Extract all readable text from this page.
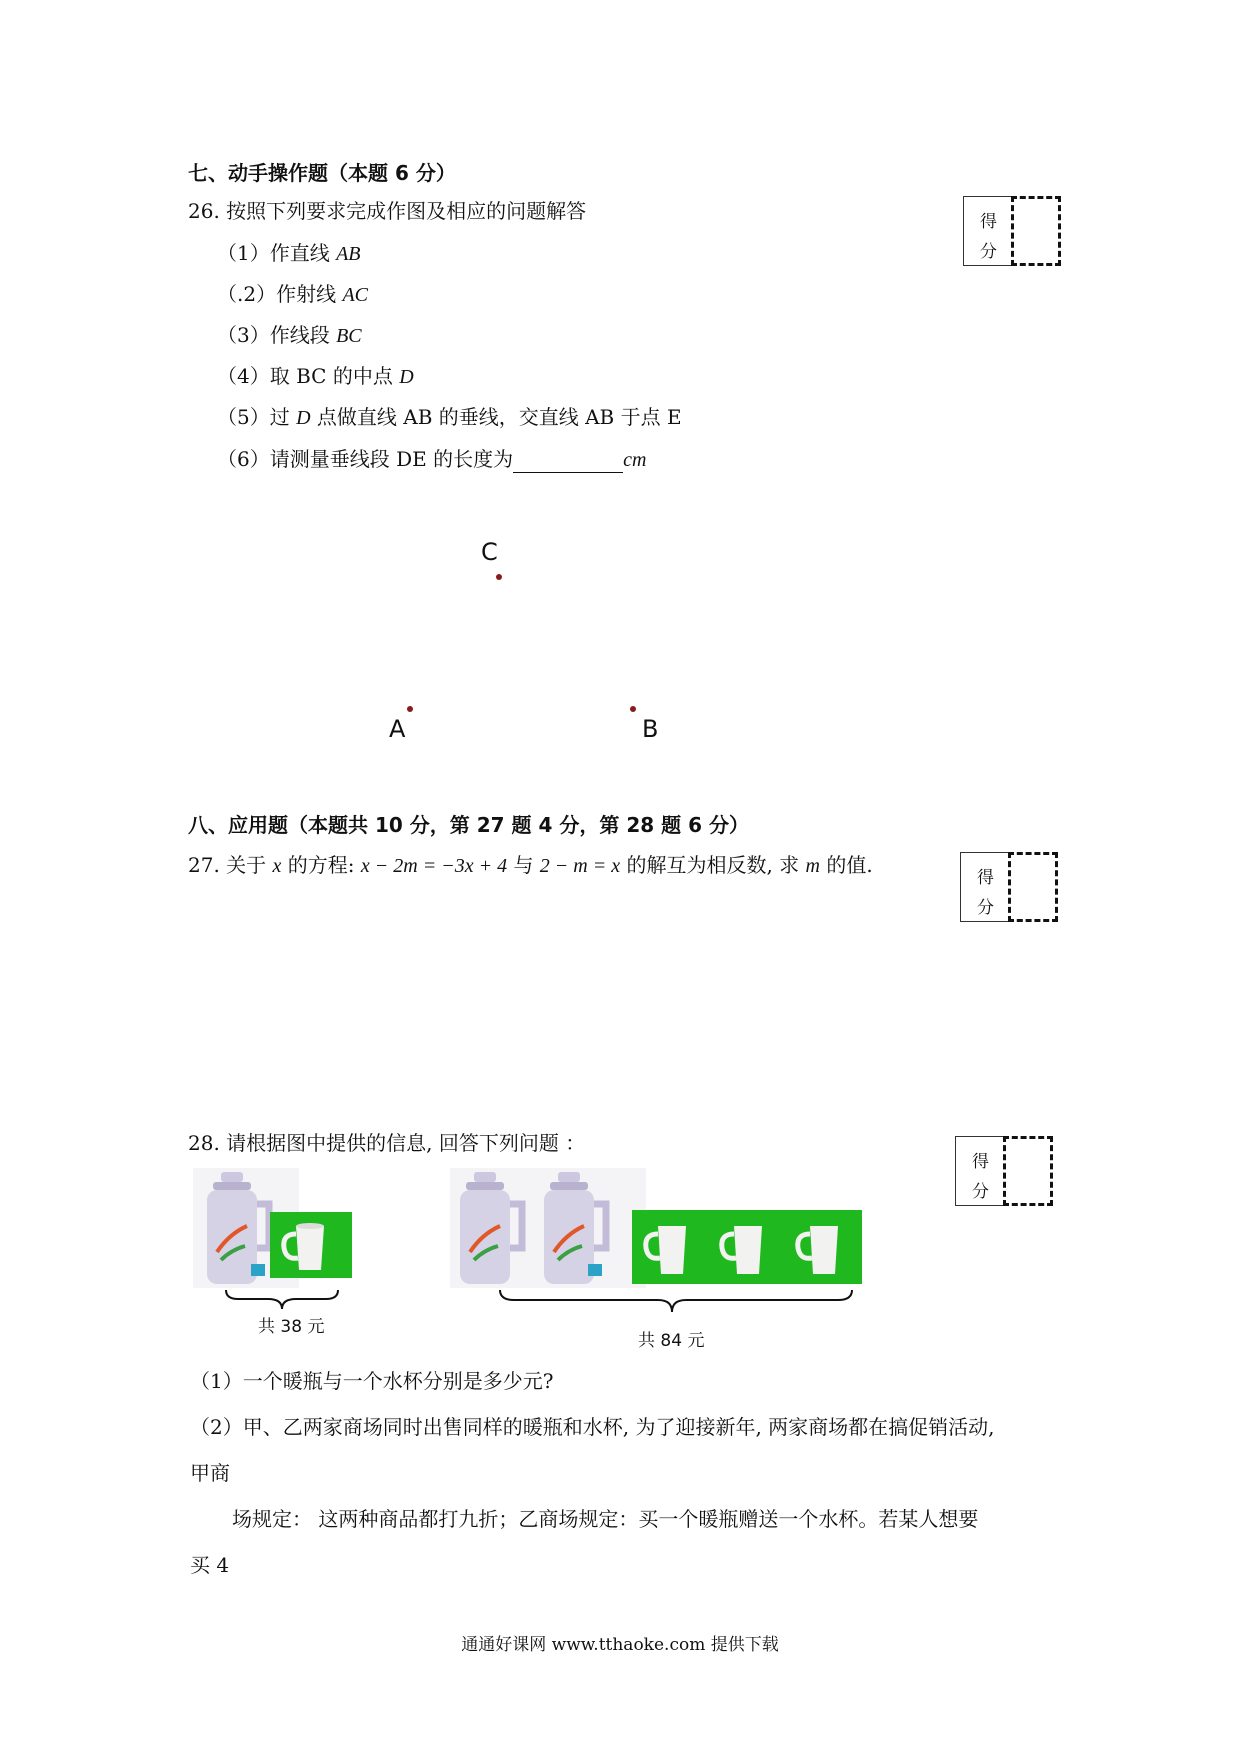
七、动手操作题（本题 6 分）
26. 按照下列要求完成作图及相应的问题解答	得
分
（1）作直线 AB
（.2）作射线 AC
（3）作线段 BC
（4）取 BC 的中点 D
（5）过 D 点做直线 AB 的垂线，交直线 AB 于点 E
（6）请测量垂线段 DE 的长度为	cm
C
A	B
八、应用题（本题共 10 分，第 27 题 4 分，第 28 题 6 分）
27. 关于 x 的方程: x − 2m = −3x + 4 与 2 − m = x 的解互为相反数, 求 m 的值.
得
分
28. 请根据图中提供的信息, 回答下列问题 ：
得
分
共 38 元
共 84 元
（1）一个暖瓶与一个水杯分别是多少元?
（2）甲、乙两家商场同时出售同样的暖瓶和水杯, 为了迎接新年, 两家商场都在搞促销活动,
甲商
场规定： 这两种商品都打九折；乙商场规定：买一个暖瓶赠送一个水杯。若某人想要
买 4
通通好课网 www.tthaoke.com 提供下载
